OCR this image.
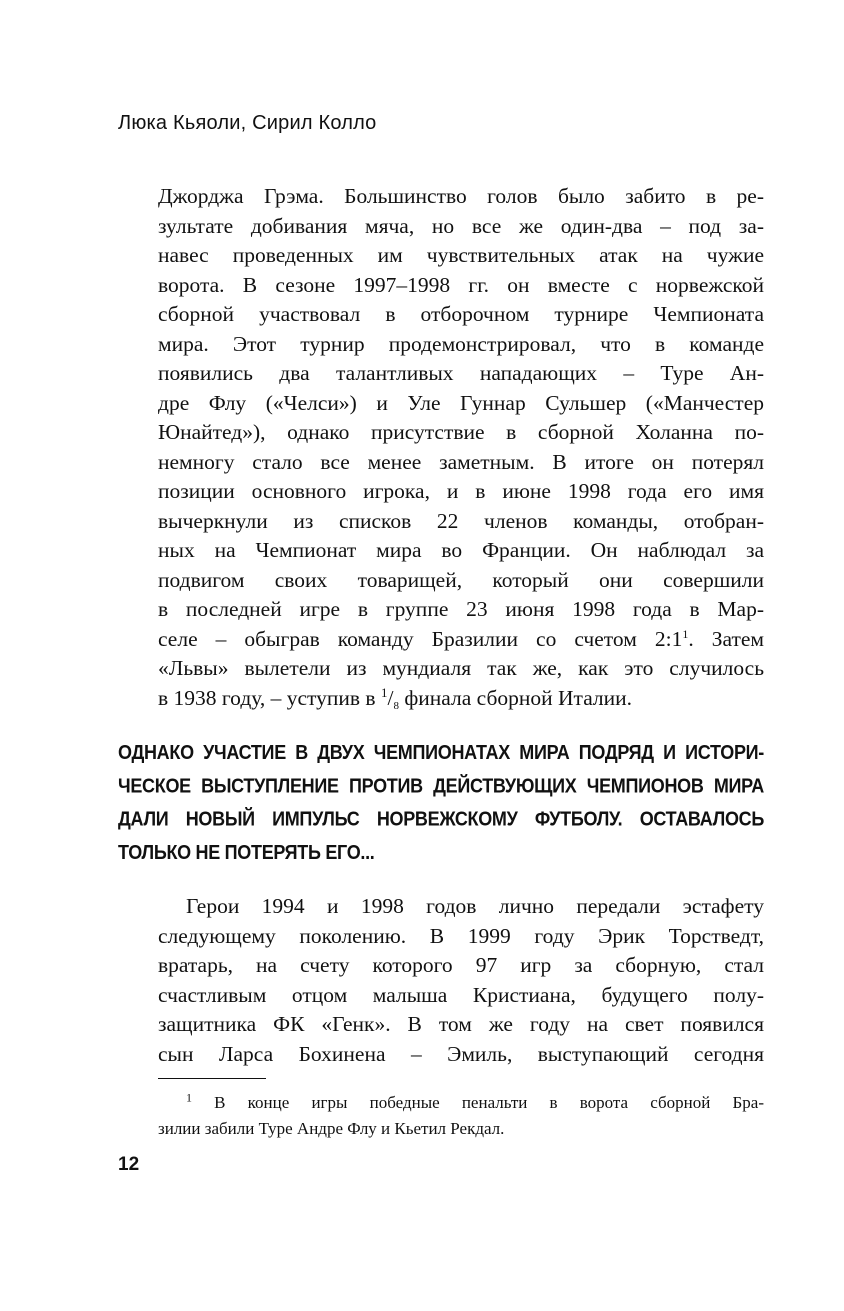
Люка Кьяоли, Сирил Колло
Джорджа Грэма. Большинство голов было забито в ре-
зультате добивания мяча, но все же один-два – под за-
навес проведенных им чувствительных атак на чужие
ворота. В сезоне 1997–1998 гг. он вместе с норвежской
сборной участвовал в отборочном турнире Чемпионата
мира. Этот турнир продемонстрировал, что в команде
появились два талантливых нападающих – Туре Ан-
дре Флу («Челси») и Уле Гуннар Сульшер («Манчестер
Юнайтед»), однако присутствие в сборной Холанна по-
немногу стало все менее заметным. В итоге он потерял
позиции основного игрока, и в июне 1998 года его имя
вычеркнули из списков 22 членов команды, отобран-
ных на Чемпионат мира во Франции. Он наблюдал за
подвигом своих товарищей, который они совершили
в последней игре в группе 23 июня 1998 года в Мар-
селе – обыграв команду Бразилии со счетом $2:1^1$. Затем
«Львы» вылетели из мундиаля так же, как это случилось
в 1938 году, – уступив в $^1/_8$ финала сборной Италии.
ОДНАКО УЧАСТИЕ В ДВУХ ЧЕМПИОНАТАХ МИРА ПОДРЯД И ИСТОРИ-
ЧЕСКОЕ ВЫСТУПЛЕНИЕ ПРОТИВ ДЕЙСТВУЮЩИХ ЧЕМПИОНОВ МИРА
ДАЛИ НОВЫЙ ИМПУЛЬС НОРВЕЖСКОМУ ФУТБОЛУ. ОСТАВАЛОСЬ
ТОЛЬКО НЕ ПОТЕРЯТЬ ЕГО...
Герои 1994 и 1998 годов лично передали эстафету
следующему поколению. В 1999 году Эрик Торстведт,
вратарь, на счету которого 97 игр за сборную, стал
счастливым отцом малыша Кристиана, будущего полу-
защитника ФК «Генк». В том же году на свет появился
сын Ларса Бохинена – Эмиль, выступающий сегодня
$^1$ В конце игры победные пенальти в ворота сборной Бра-
зилии забили Туре Андре Флу и Кьетил Рекдал.
12
